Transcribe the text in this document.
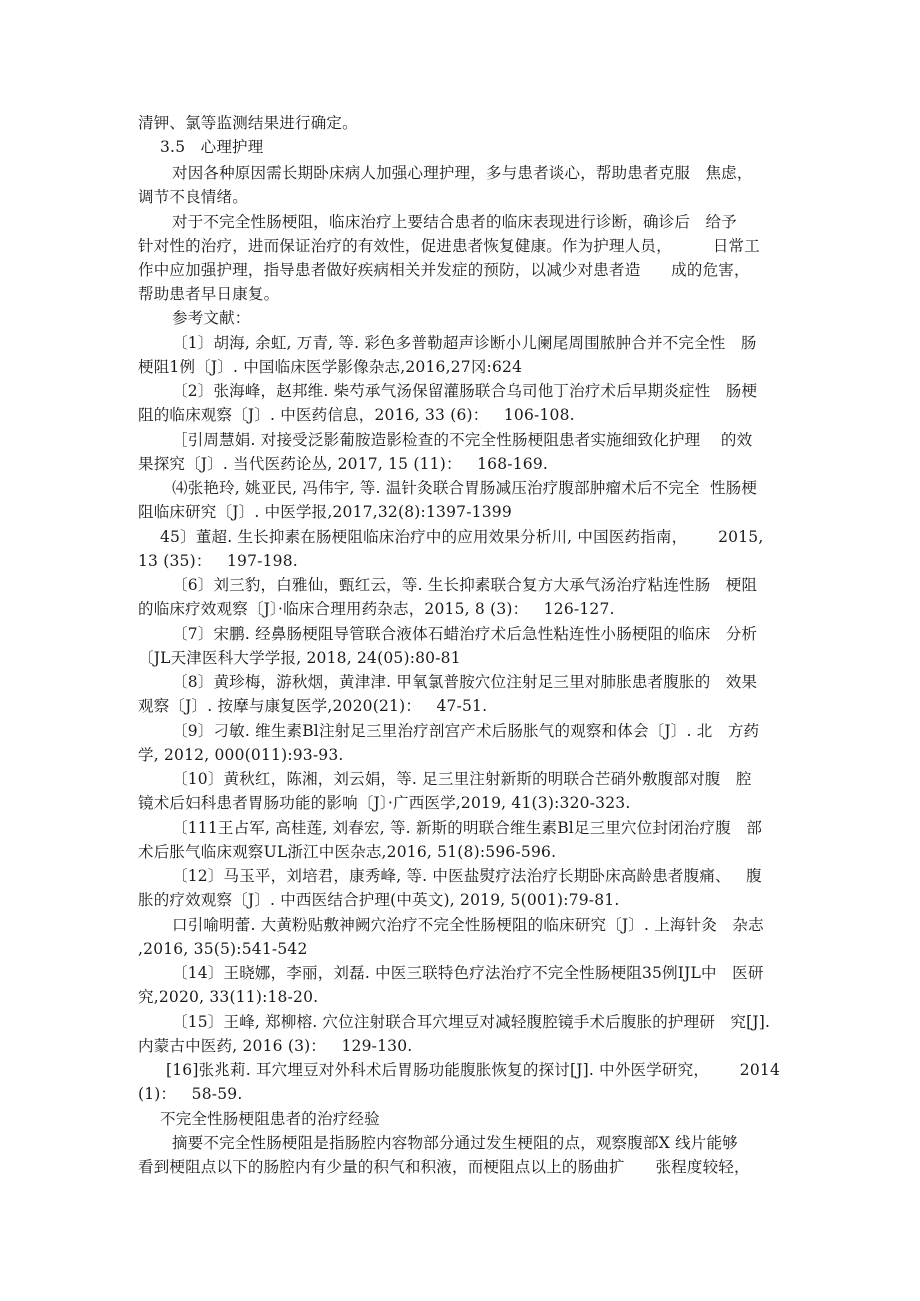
清钾、氯等监测结果进行确定。
3.5   心理护理
对因各种原因需长期卧床病人加强心理护理，多与患者谈心，帮助患者克服   焦虑，
调节不良情绪。
对于不完全性肠梗阻，临床治疗上要结合患者的临床表现进行诊断，确诊后   给予
针对性的治疗，进而保证治疗的有效性，促进患者恢复健康。作为护理人员，        日常工
作中应加强护理，指导患者做好疾病相关并发症的预防，以减少对患者造      成的危害，
帮助患者早日康复。
参考文献：
〔1〕胡海, 余虹, 万青, 等. 彩色多普勒超声诊断小儿阑尾周围脓肿合并不完全性   肠
梗阻1例〔J〕. 中国临床医学影像杂志,2016,27冈:624
〔2〕张海峰，赵邦维. 柴芍承气汤保留灌肠联合乌司他丁治疗术后早期炎症性   肠梗
阻的临床观察〔J〕. 中医药信息，2016, 33 (6)：   106-108.
［引周慧娟. 对接受泛影葡胺造影检查的不完全性肠梗阻患者实施细致化护理    的效
果探究〔J〕. 当代医药论丛, 2017, 15 (11)：   168-169.
⑷张艳玲, 姚亚民, 冯伟宇, 等. 温针灸联合胃肠减压治疗腹部肿瘤术后不完全  性肠梗
阻临床研究〔J〕. 中医学报,2017,32(8):1397-1399
45〕董超. 生长抑素在肠梗阻临床治疗中的应用效果分析川, 中国医药指南，      2015,
13 (35)：   197-198.
〔6〕刘三豹，白雅仙，甄红云，等. 生长抑素联合复方大承气汤治疗粘连性肠   梗阻
的临床疗效观察〔J〕·临床合理用药杂志，2015, 8 (3)：   126-127.
〔7〕宋鹏. 经鼻肠梗阻导管联合液体石蜡治疗术后急性粘连性小肠梗阻的临床   分析
〔JL天津医科大学学报, 2018, 24(05):80-81
〔8〕黄珍梅，游秋烟，黄津津. 甲氧氯普胺穴位注射足三里对肺胀患者腹胀的   效果
观察〔J〕. 按摩与康复医学,2020(21)：   47-51.
〔9〕刁敏. 维生素Bl注射足三里治疗剖宫产术后肠胀气的观察和体会〔J〕. 北   方药
学, 2012, 000(011):93-93.
〔10〕黄秋红，陈湘，刘云娟，等. 足三里注射新斯的明联合芒硝外敷腹部对腹   腔
镜术后妇科患者胃肠功能的影响〔J〕·广西医学,2019, 41(3):320-323.
〔111王占军, 高桂莲, 刘春宏, 等. 新斯的明联合维生素Bl足三里穴位封闭治疗腹   部
术后胀气临床观察UL浙江中医杂志,2016, 51(8):596-596.
〔12〕马玉平，刘培君，康秀峰, 等. 中医盐熨疗法治疗长期卧床高龄患者腹痛、   腹
胀的疗效观察〔J〕. 中西医结合护理(中英文), 2019, 5(001):79-81.
口引喻明蕾. 大黄粉贴敷神阙穴治疗不完全性肠梗阻的临床研究〔J〕. 上海针灸   杂志
,2016, 35(5):541-542
〔14〕王晓娜，李丽，刘磊. 中医三联特色疗法治疗不完全性肠梗阻35例IJL中   医研
究,2020, 33(11):18-20.
〔15〕王峰, 郑柳榕. 穴位注射联合耳穴埋豆对减轻腹腔镜手术后腹胀的护理研   究[J].
内蒙古中医药, 2016 (3)：   129-130.
[16]张兆莉. 耳穴埋豆对外科术后胃肠功能腹胀恢复的探讨[J]. 中外医学研究，      2014
(1)：   58-59.
不完全性肠梗阻患者的治疗经验
摘要不完全性肠梗阻是指肠腔内容物部分通过发生梗阻的点，观察腹部X 线片能够
看到梗阻点以下的肠腔内有少量的积气和积液，而梗阻点以上的肠曲扩      张程度较轻，
